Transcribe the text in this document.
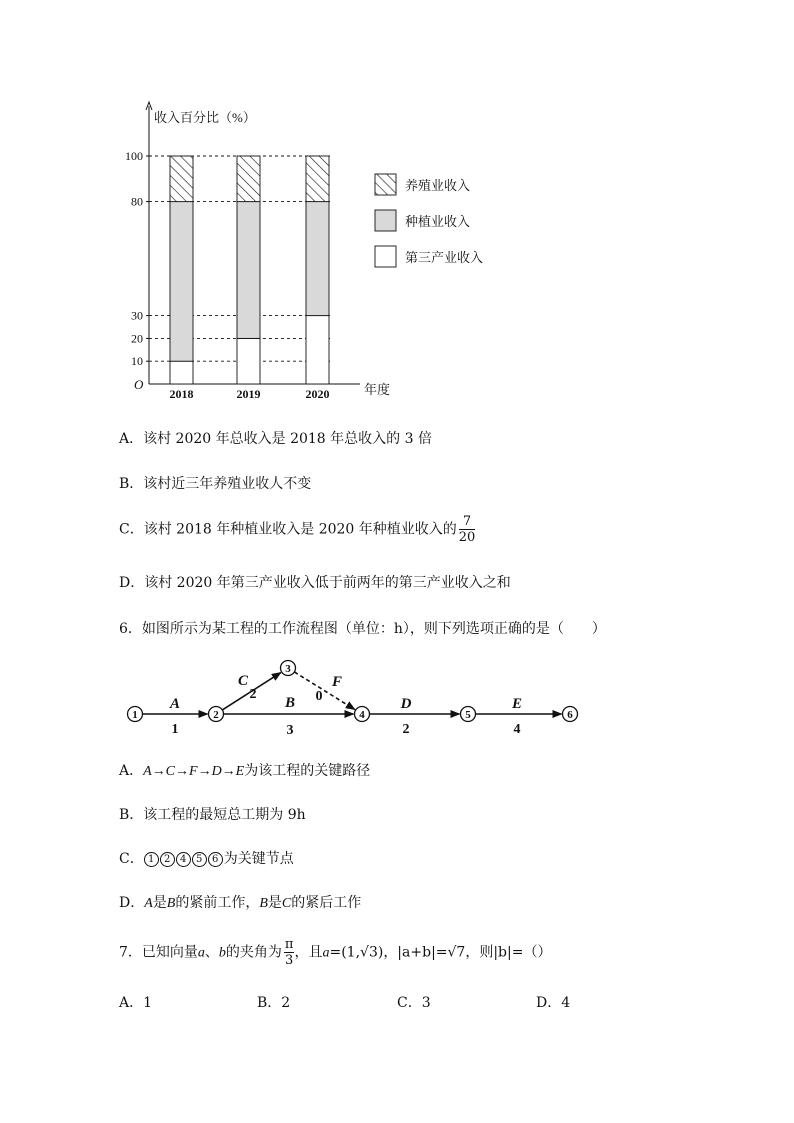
收入百分比（%）
年度
O
10
20
30
80
100
2018	2019	2020
养殖业收入
种植业收入
第三产业收入
A．该村 2020 年总收入是 2018 年总收入的 3 倍
B．该村近三年养殖业收人不变
C．该村 2018 年种植业收入是 2020 年种植业收入的 $\frac{7}{20}$
D．该村 2020 年第三产业收入低于前两年的第三产业收入之和
6．如图所示为某工程的工作流程图（单位：h），则下列选项正确的是（　　）
A
1
C
2
B
3
F
0	D
2
E
4
1	2
3
4	5	6
A．A→C→F→D→E为该工程的关键路径
B．该工程的最短总工期为 9h
C． 1 2 4 5 6 为关键节点
D．A是B的紧前工作，B是C的紧后工作
7．已知向量a、b的夹角为 $\frac{\pi}{3}$ ，且a=(1,√3)，|a+b|=√7，则|b|=（）
A．1	B．2	C．3	D．4
